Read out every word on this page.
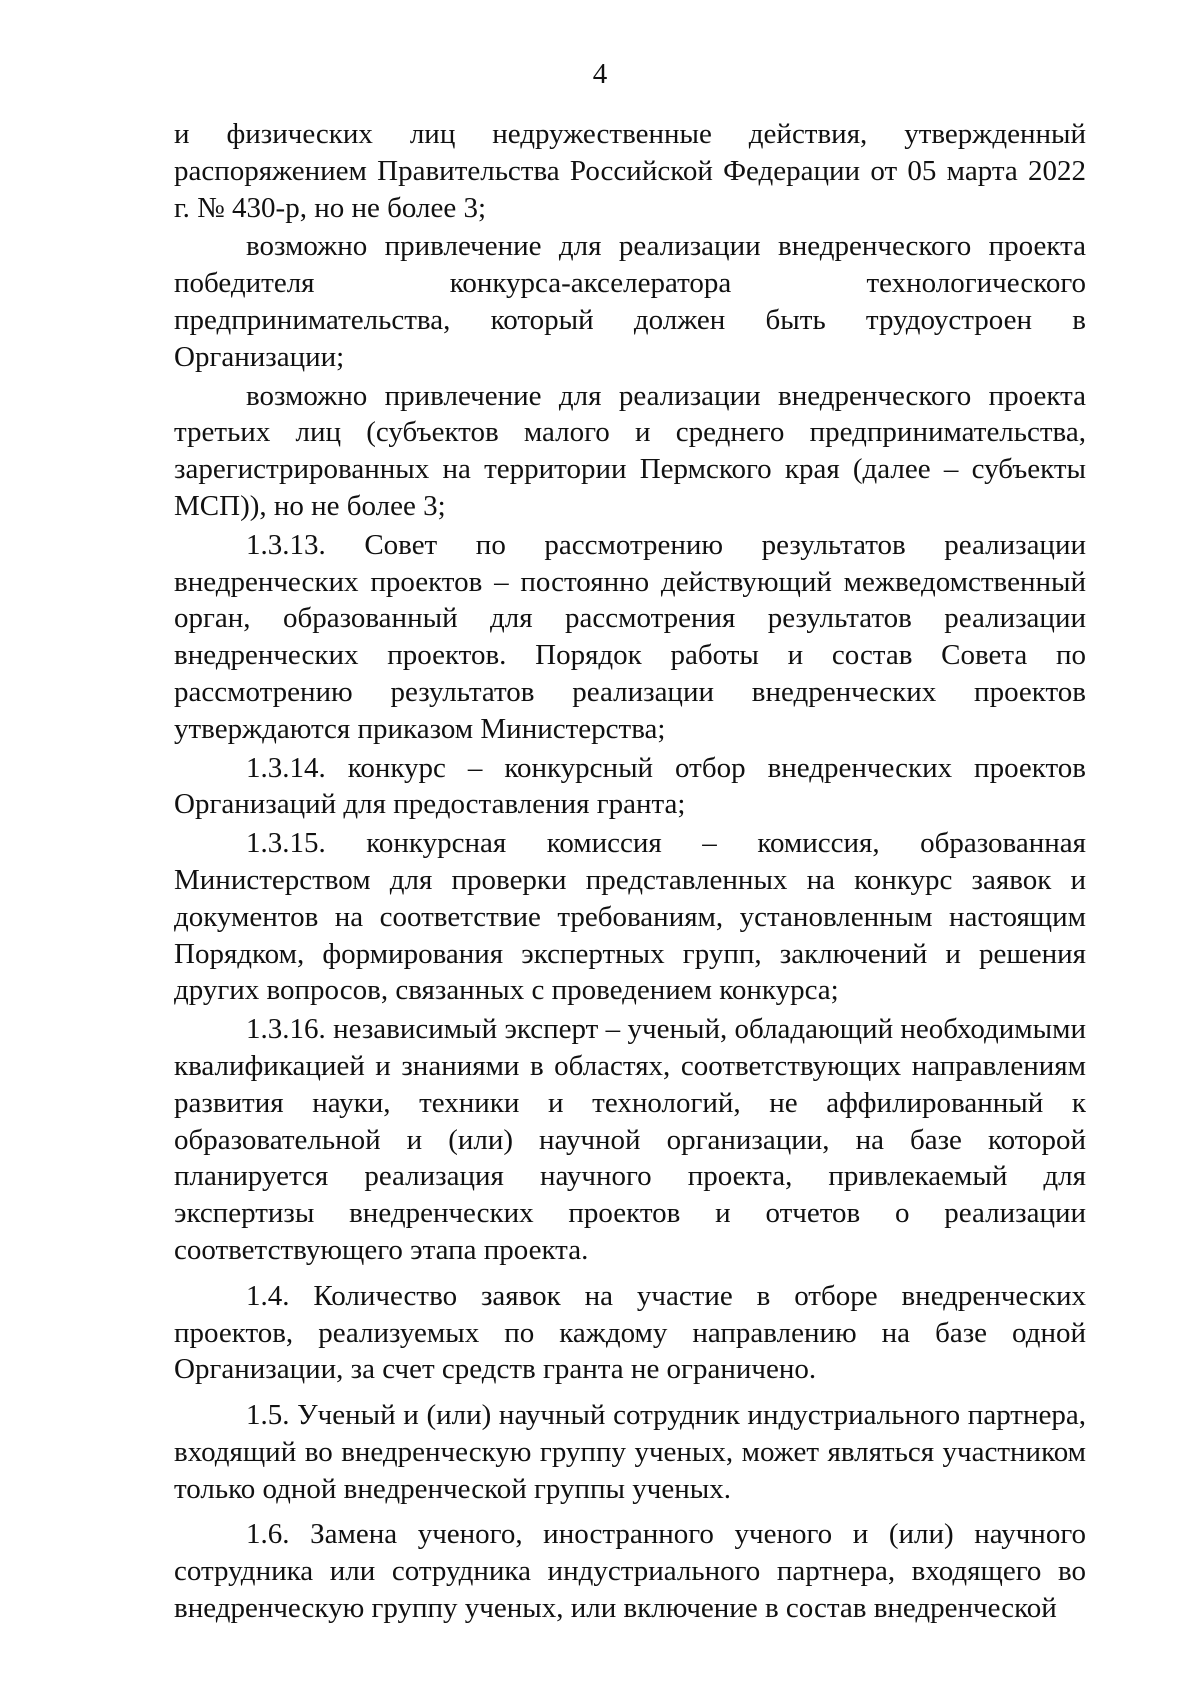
4

и физических лиц недружественные действия, утвержденный распоряжением Правительства Российской Федерации от 05 марта 2022 г. № 430-р, но не более 3;

возможно привлечение для реализации внедренческого проекта победителя конкурса-акселератора технологического предпринимательства, который должен быть трудоустроен в Организации;

возможно привлечение для реализации внедренческого проекта третьих лиц (субъектов малого и среднего предпринимательства, зарегистрированных на территории Пермского края (далее – субъекты МСП)), но не более 3;

1.3.13. Совет по рассмотрению результатов реализации внедренческих проектов – постоянно действующий межведомственный орган, образованный для рассмотрения результатов реализации внедренческих проектов. Порядок работы и состав Совета по рассмотрению результатов реализации внедренческих проектов утверждаются приказом Министерства;

1.3.14. конкурс – конкурсный отбор внедренческих проектов Организаций для предоставления гранта;

1.3.15. конкурсная комиссия – комиссия, образованная Министерством для проверки представленных на конкурс заявок и документов на соответствие требованиям, установленным настоящим Порядком, формирования экспертных групп, заключений и решения других вопросов, связанных с проведением конкурса;

1.3.16. независимый эксперт – ученый, обладающий необходимыми квалификацией и знаниями в областях, соответствующих направлениям развития науки, техники и технологий, не аффилированный к образовательной и (или) научной организации, на базе которой планируется реализация научного проекта, привлекаемый для экспертизы внедренческих проектов и отчетов о реализации соответствующего этапа проекта.

1.4. Количество заявок на участие в отборе внедренческих проектов, реализуемых по каждому направлению на базе одной Организации, за счет средств гранта не ограничено.

1.5. Ученый и (или) научный сотрудник индустриального партнера, входящий во внедренческую группу ученых, может являться участником только одной внедренческой группы ученых.

1.6. Замена ученого, иностранного ученого и (или) научного сотрудника или сотрудника индустриального партнера, входящего во внедренческую группу ученых, или включение в состав внедренческой
